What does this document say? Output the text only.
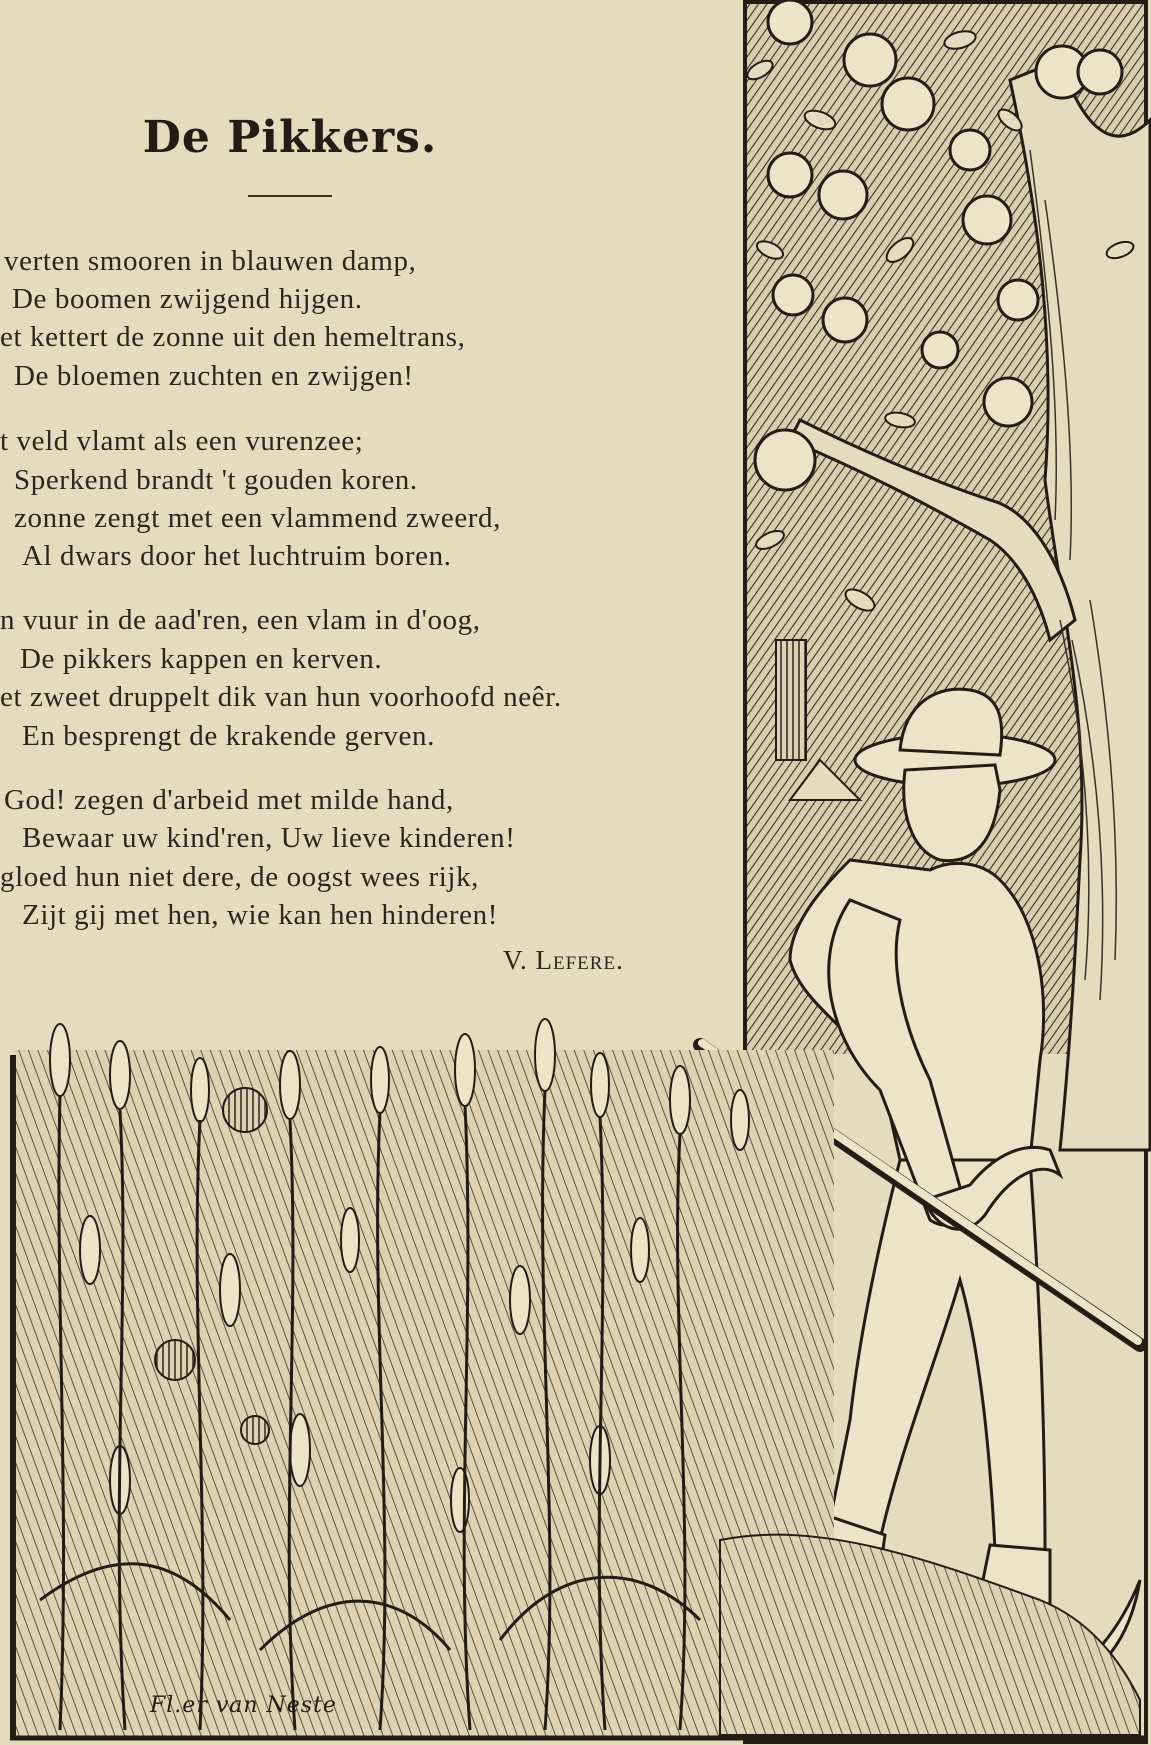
De Pikkers.
verten smooren in blauwen damp,
De boomen zwijgend hijgen.
et kettert de zonne uit den hemeltrans,
De bloemen zuchten en zwijgen!
t veld vlamt als een vurenzee;
Sperkend brandt 't gouden koren.
zonne zengt met een vlammend zweerd,
Al dwars door het luchtruim boren.
n vuur in de aad'ren, een vlam in d'oog,
De pikkers kappen en kerven.
et zweet druppelt dik van hun voorhoofd neêr.
En besprengt de krakende gerven.
God! zegen d'arbeid met milde hand,
Bewaar uw kind'ren, Uw lieve kinderen!
gloed hun niet dere, de oogst wees rijk,
Zijt gij met hen, wie kan hen hinderen!
V. Lefere.
Fl.er van Neste
